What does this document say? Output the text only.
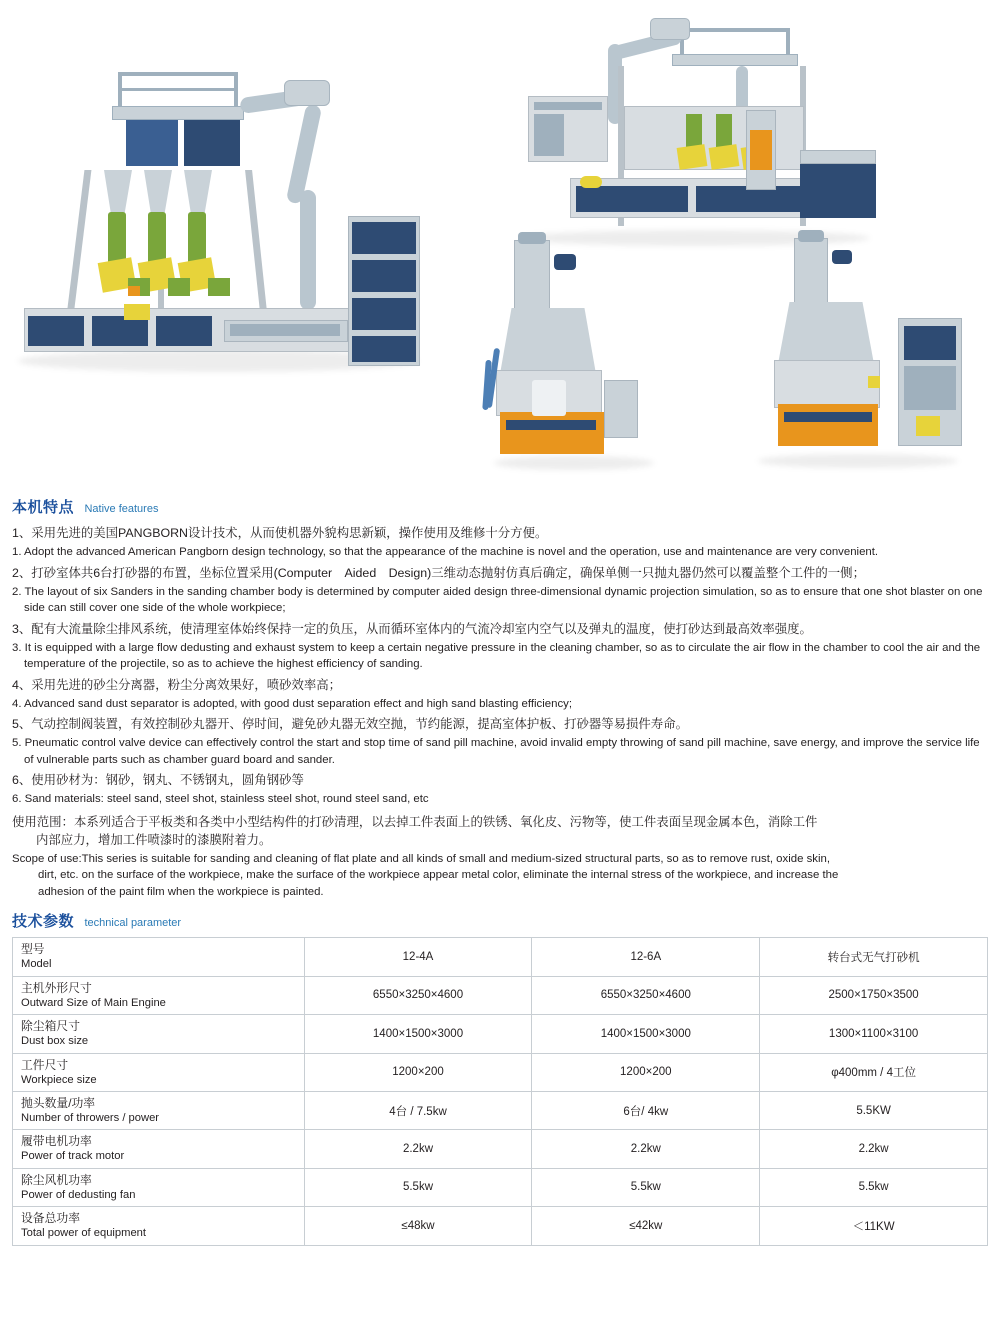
本机特点 Native features
1、采用先进的美国PANGBORN设计技术，从而使机器外貌构思新颖，操作使用及维修十分方便。
1. Adopt the advanced American Pangborn design technology, so that the appearance of the machine is novel and the operation, use and maintenance are very convenient.
2、打砂室体共6台打砂器的布置，坐标位置采用(Computer　Aided　Design)三维动态抛射仿真后确定，确保单侧一只抛丸器仍然可以覆盖整个工件的一侧；
2. The layout of six Sanders in the sanding chamber body is determined by computer aided design three-dimensional dynamic projection simulation, so as to ensure that one shot blaster on one side can still cover one side of the whole workpiece;
3、配有大流量除尘排风系统，使清理室体始终保持一定的负压，从而循环室体内的气流冷却室内空气以及弹丸的温度，使打砂达到最高效率强度。
3. It is equipped with a large flow dedusting and exhaust system to keep a certain negative pressure in the cleaning chamber, so as to circulate the air flow in the chamber to cool the air and the temperature of the projectile, so as to achieve the highest efficiency of sanding.
4、采用先进的砂尘分离器，粉尘分离效果好，喷砂效率高；
4. Advanced sand dust separator is adopted, with good dust separation effect and high sand blasting efficiency;
5、气动控制阀装置，有效控制砂丸器开、停时间，避免砂丸器无效空抛，节约能源，提高室体护板、打砂器等易损件寿命。
5. Pneumatic control valve device can effectively control the start and stop time of sand pill machine, avoid invalid empty throwing of sand pill machine, save energy, and improve the service life of vulnerable parts such as chamber guard board and sander.
6、使用砂材为：钢砂，钢丸、不锈钢丸，圆角钢砂等
6. Sand materials: steel sand, steel shot, stainless steel shot, round steel sand, etc
使用范围：本系列适合于平板类和各类中小型结构件的打砂清理，以去掉工件表面上的铁锈、氧化皮、污物等，使工件表面呈现金属本色，消除工件
内部应力，增加工件喷漆时的漆膜附着力。
Scope of use:This series is suitable for sanding and cleaning of flat plate and all kinds of small and medium-sized structural parts, so as to remove rust, oxide skin,
dirt, etc. on the surface of the workpiece, make the surface of the workpiece appear metal color, eliminate the internal stress of the workpiece, and increase the
adhesion of the paint film when the workpiece is painted.
技术参数 technical parameter
型号
Model	12-4A	12-6A	转台式无气打砂机

主机外形尺寸
Outward Size of Main Engine	6550×3250×4600	6550×3250×4600	2500×1750×3500

除尘箱尺寸
Dust box size	1400×1500×3000	1400×1500×3000	1300×1100×3100

工件尺寸
Workpiece size	1200×200	1200×200	φ400mm / 4工位

抛头数量/功率
Number of throwers / power	4台 / 7.5kw	6台/ 4kw	5.5KW

履带电机功率
Power of track motor	2.2kw	2.2kw	2.2kw

除尘风机功率
Power of dedusting fan	5.5kw	5.5kw	5.5kw

设备总功率
Total power of equipment	≤48kw	≤42kw	＜11KW
